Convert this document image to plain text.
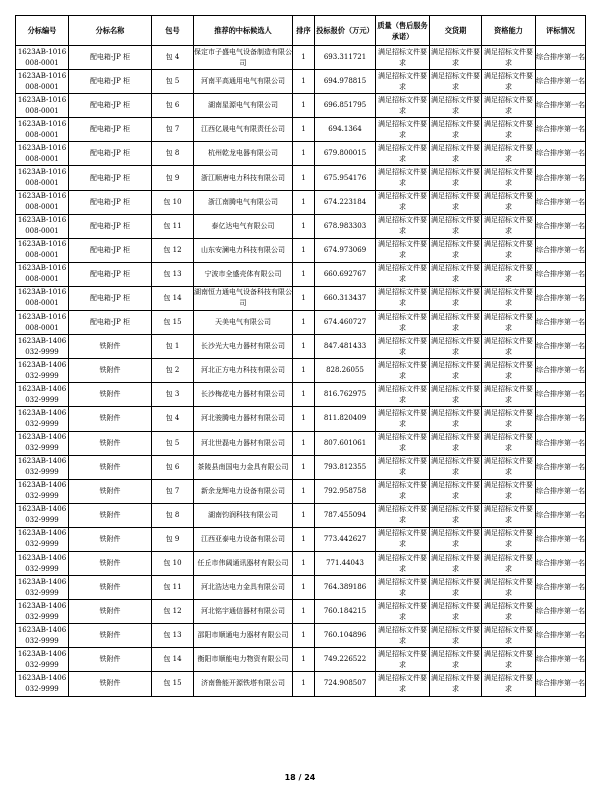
分标编号	分标名称	包号	推荐的中标候选人	排序	投标报价（万元）	质量（售后服务承诺）	交货期	资格能力	评标情况
1623AB-1016008-0001	配电箱-JP 柜	包 4	保定市子盛电气设备制造有限公司	1	693.311721	满足招标文件要求	满足招标文件要求	满足招标文件要求	综合排序第一名
1623AB-1016008-0001	配电箱-JP 柜	包 5	河南平高通用电气有限公司	1	694.978815	满足招标文件要求	满足招标文件要求	满足招标文件要求	综合排序第一名
1623AB-1016008-0001	配电箱-JP 柜	包 6	湖南星源电气有限公司	1	696.851795	满足招标文件要求	满足招标文件要求	满足招标文件要求	综合排序第一名
1623AB-1016008-0001	配电箱-JP 柜	包 7	江西亿晟电气有限责任公司	1	694.1364	满足招标文件要求	满足招标文件要求	满足招标文件要求	综合排序第一名
1623AB-1016008-0001	配电箱-JP 柜	包 8	杭州乾龙电器有限公司	1	679.800015	满足招标文件要求	满足招标文件要求	满足招标文件要求	综合排序第一名
1623AB-1016008-0001	配电箱-JP 柜	包 9	浙江顺唐电力科技有限公司	1	675.954176	满足招标文件要求	满足招标文件要求	满足招标文件要求	综合排序第一名
1623AB-1016008-0001	配电箱-JP 柜	包 10	浙江南腾电气有限公司	1	674.223184	满足招标文件要求	满足招标文件要求	满足招标文件要求	综合排序第一名
1623AB-1016008-0001	配电箱-JP 柜	包 11	泰亿达电气有限公司	1	678.983303	满足招标文件要求	满足招标文件要求	满足招标文件要求	综合排序第一名
1623AB-1016008-0001	配电箱-JP 柜	包 12	山东安澜电力科技有限公司	1	674.973069	满足招标文件要求	满足招标文件要求	满足招标文件要求	综合排序第一名
1623AB-1016008-0001	配电箱-JP 柜	包 13	宁波市全盛壳体有限公司	1	660.692767	满足招标文件要求	满足招标文件要求	满足招标文件要求	综合排序第一名
1623AB-1016008-0001	配电箱-JP 柜	包 14	湖南恒力通电气设备科技有限公司	1	660.313437	满足招标文件要求	满足招标文件要求	满足招标文件要求	综合排序第一名
1623AB-1016008-0001	配电箱-JP 柜	包 15	天美电气有限公司	1	674.460727	满足招标文件要求	满足招标文件要求	满足招标文件要求	综合排序第一名
1623AB-1406032-9999	铁附件	包 1	长沙光大电力器材有限公司	1	847.481433	满足招标文件要求	满足招标文件要求	满足招标文件要求	综合排序第一名
1623AB-1406032-9999	铁附件	包 2	河北正方电力科技有限公司	1	828.26055	满足招标文件要求	满足招标文件要求	满足招标文件要求	综合排序第一名
1623AB-1406032-9999	铁附件	包 3	长沙梅花电力器材有限公司	1	816.762975	满足招标文件要求	满足招标文件要求	满足招标文件要求	综合排序第一名
1623AB-1406032-9999	铁附件	包 4	河北骏腾电力器材有限公司	1	811.820409	满足招标文件要求	满足招标文件要求	满足招标文件要求	综合排序第一名
1623AB-1406032-9999	铁附件	包 5	河北世磊电力器材有限公司	1	807.601061	满足招标文件要求	满足招标文件要求	满足招标文件要求	综合排序第一名
1623AB-1406032-9999	铁附件	包 6	茶陵县南国电力金具有限公司	1	793.812355	满足招标文件要求	满足招标文件要求	满足招标文件要求	综合排序第一名
1623AB-1406032-9999	铁附件	包 7	新余龙辉电力设备有限公司	1	792.958758	满足招标文件要求	满足招标文件要求	满足招标文件要求	综合排序第一名
1623AB-1406032-9999	铁附件	包 8	湖南钧润科技有限公司	1	787.455094	满足招标文件要求	满足招标文件要求	满足招标文件要求	综合排序第一名
1623AB-1406032-9999	铁附件	包 9	江西亚泰电力设备有限公司	1	773.442627	满足招标文件要求	满足招标文件要求	满足招标文件要求	综合排序第一名
1623AB-1406032-9999	铁附件	包 10	任丘市伟阔通讯器材有限公司	1	771.44043	满足招标文件要求	满足招标文件要求	满足招标文件要求	综合排序第一名
1623AB-1406032-9999	铁附件	包 11	河北浩达电力金具有限公司	1	764.389186	满足招标文件要求	满足招标文件要求	满足招标文件要求	综合排序第一名
1623AB-1406032-9999	铁附件	包 12	河北铭宇通信器材有限公司	1	760.184215	满足招标文件要求	满足招标文件要求	满足招标文件要求	综合排序第一名
1623AB-1406032-9999	铁附件	包 13	邵阳市顺通电力器材有限公司	1	760.104896	满足招标文件要求	满足招标文件要求	满足招标文件要求	综合排序第一名
1623AB-1406032-9999	铁附件	包 14	衡阳市顺能电力物资有限公司	1	749.226522	满足招标文件要求	满足招标文件要求	满足招标文件要求	综合排序第一名
1623AB-1406032-9999	铁附件	包 15	济南鲁能开源铁塔有限公司	1	724.908507	满足招标文件要求	满足招标文件要求	满足招标文件要求	综合排序第一名
18 / 24
